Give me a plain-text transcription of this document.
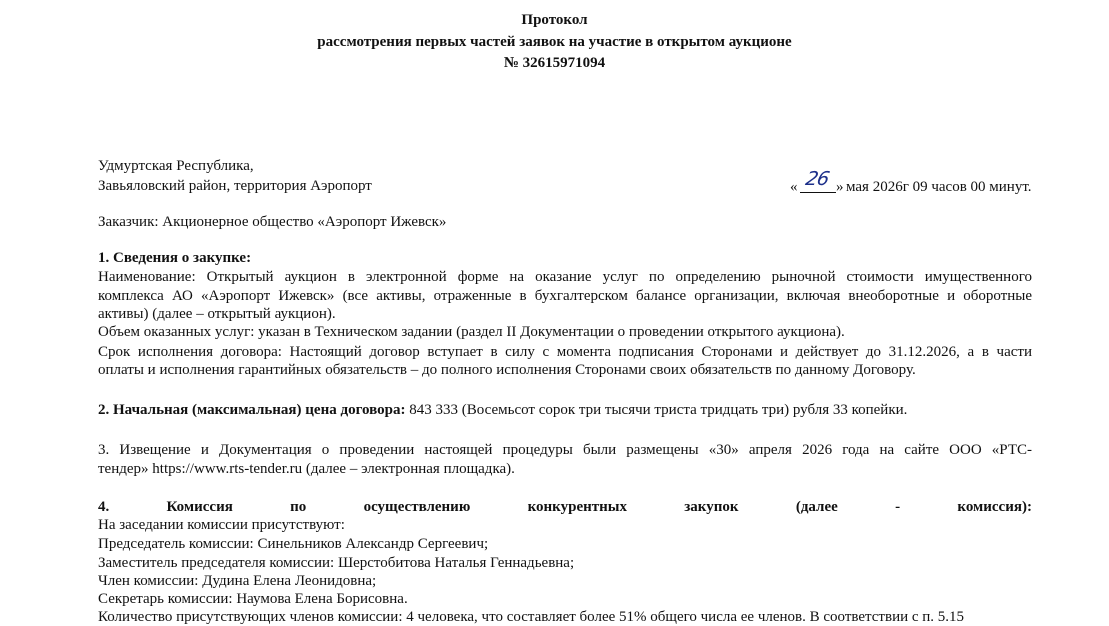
Протокол
рассмотрения первых частей заявок на участие в открытом аукционе
№ 32615971094
Удмуртская Республика,
Завьяловский район, территория Аэропорт	« 26 » мая 2026г 09 часов 00 минут.
Заказчик: Акционерное общество «Аэропорт Ижевск»
1. Сведения о закупке:
Наименование: Открытый аукцион в электронной форме на оказание услуг по определению рыночной стоимости имущественного
комплекса АО «Аэропорт Ижевск» (все активы, отраженные в бухгалтерском балансе организации, включая внеоборотные и оборотные
активы) (далее – открытый аукцион).
Объем оказанных услуг: указан в Техническом задании (раздел II Документации о проведении открытого аукциона).
Срок исполнения договора: Настоящий договор вступает в силу с момента подписания Сторонами и действует до 31.12.2026, а в части
оплаты и исполнения гарантийных обязательств – до полного исполнения Сторонами своих обязательств по данному Договору.
2. Начальная (максимальная) цена договора: 843 333 (Восемьсот сорок три тысячи триста тридцать три) рубля 33 копейки.
3. Извещение и Документация о проведении настоящей процедуры были размещены «30» апреля 2026 года на сайте ООО «РТС-
тендер» https://www.rts-tender.ru (далее – электронная площадка).
4.	Комиссия	по	осуществлению	конкурентных	закупок	(далее	-	комиссия):
На заседании комиссии присутствуют:
Председатель комиссии: Синельников Александр Сергеевич;
Заместитель председателя комиссии: Шерстобитова Наталья Геннадьевна;
Член комиссии: Дудина Елена Леонидовна;
Секретарь комиссии: Наумова Елена Борисовна.
Количество присутствующих членов комиссии: 4 человека, что составляет более 51% общего числа ее членов. В соответствии с п. 5.15
